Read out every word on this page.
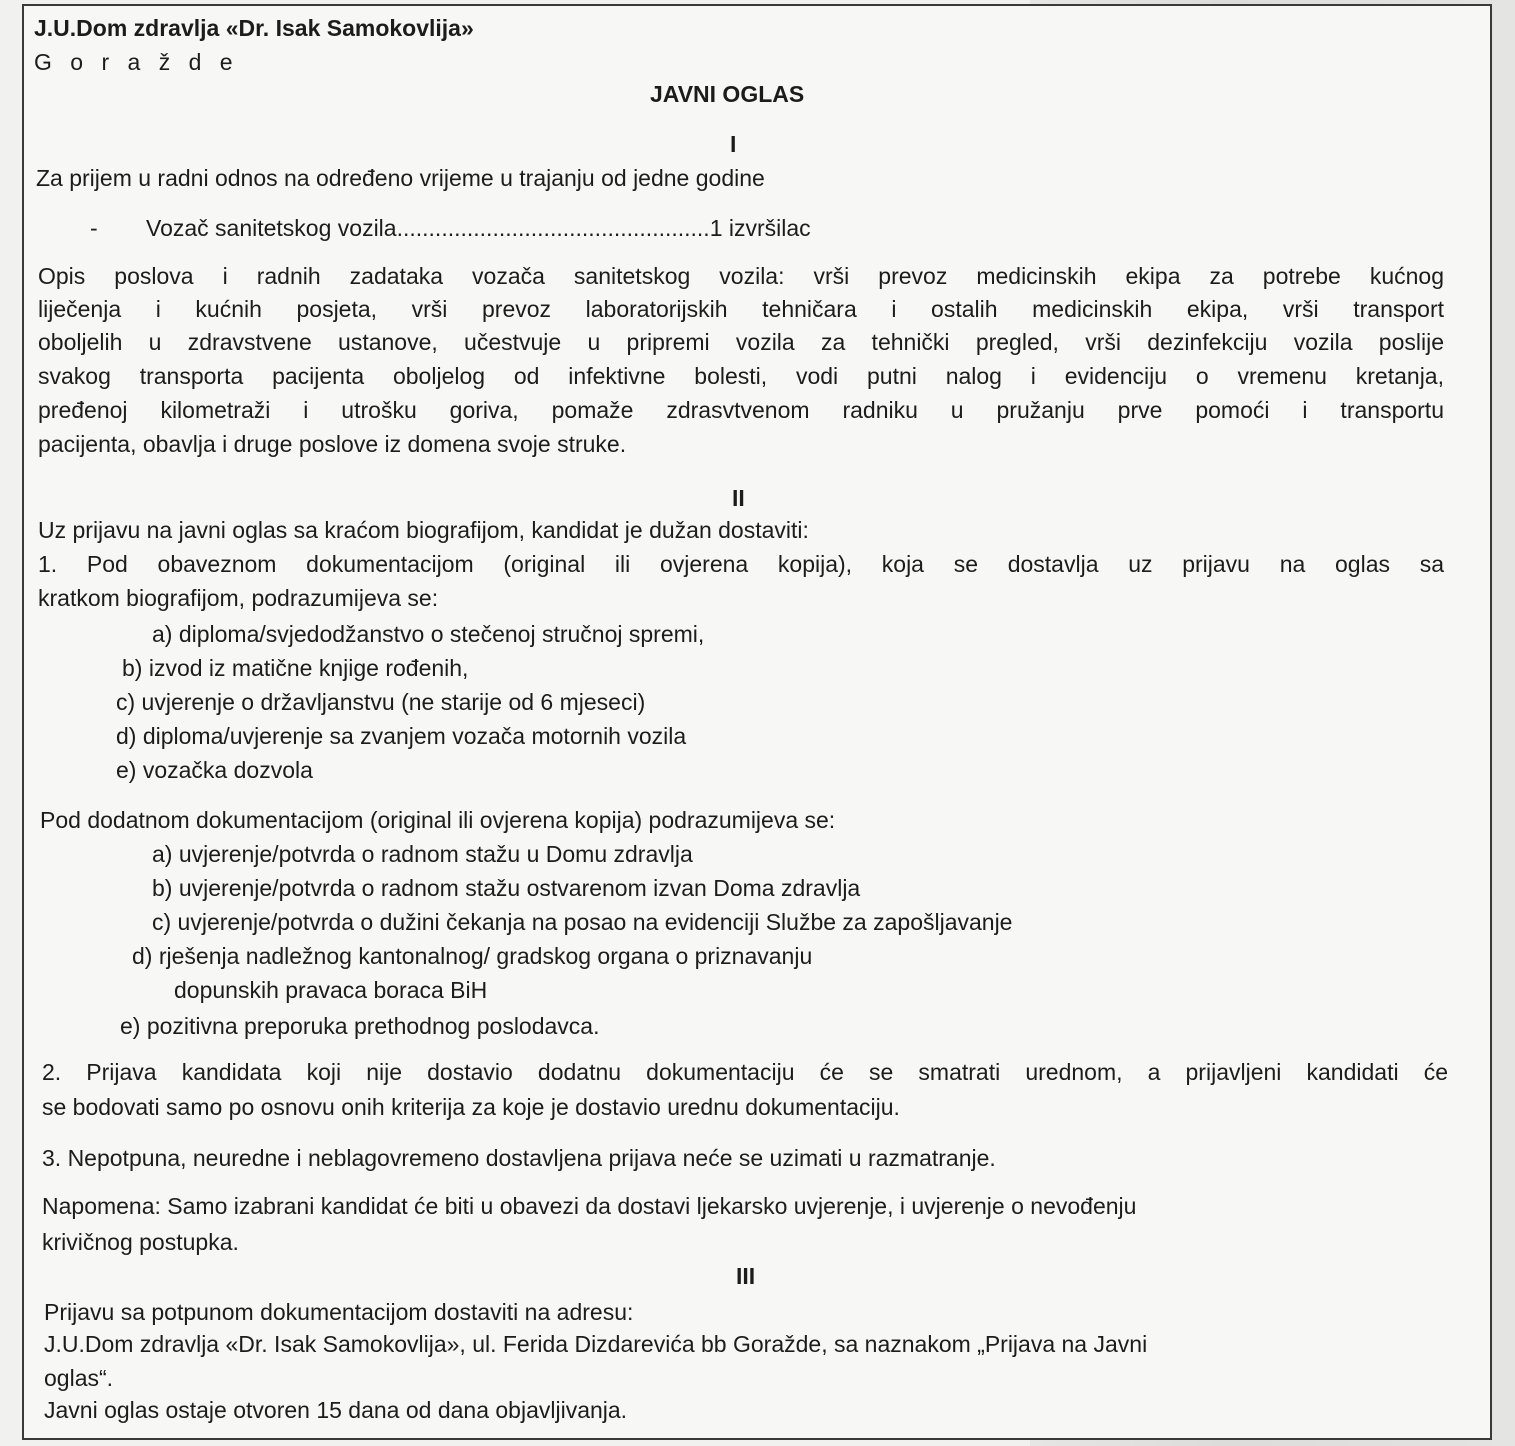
J.U.Dom zdravlja «Dr. Isak Samokovlija»
G o r a ž d e
JAVNI OGLAS
I
Za prijem u radni odnos na određeno vrijeme u trajanju od jedne godine
- Vozač sanitetskog vozila.................................................1 izvršilac
Opis poslova i radnih zadataka vozača sanitetskog vozila: vrši prevoz medicinskih ekipa za potrebe kućnog
liječenja i kućnih posjeta, vrši prevoz laboratorijskih tehničara i ostalih medicinskih ekipa, vrši transport
oboljelih u zdravstvene ustanove, učestvuje u pripremi vozila za tehnički pregled, vrši dezinfekciju vozila poslije
svakog transporta pacijenta oboljelog od infektivne bolesti, vodi putni nalog i evidenciju o vremenu kretanja,
pređenoj kilometraži i utrošku goriva, pomaže zdrasvtvenom radniku u pružanju prve pomoći i transportu
pacijenta, obavlja i druge poslove iz domena svoje struke.
II
Uz prijavu na javni oglas sa kraćom biografijom, kandidat je dužan dostaviti:
1. Pod obaveznom dokumentacijom (original ili ovjerena kopija), koja se dostavlja uz prijavu na oglas sa
kratkom biografijom, podrazumijeva se:
a) diploma/svjedodžanstvo o stečenoj stručnoj spremi,
b) izvod iz matične knjige rođenih,
c) uvjerenje o državljanstvu (ne starije od 6 mjeseci)
d) diploma/uvjerenje sa zvanjem vozača motornih vozila
e) vozačka dozvola
Pod dodatnom dokumentacijom (original ili ovjerena kopija) podrazumijeva se:
a) uvjerenje/potvrda o radnom stažu u Domu zdravlja
b) uvjerenje/potvrda o radnom stažu ostvarenom izvan Doma zdravlja
c) uvjerenje/potvrda o dužini čekanja na posao na evidenciji Službe za zapošljavanje
d) rješenja nadležnog kantonalnog/ gradskog organa o priznavanju
dopunskih pravaca boraca BiH
e) pozitivna preporuka prethodnog poslodavca.
2. Prijava kandidata koji nije dostavio dodatnu dokumentaciju će se smatrati urednom, a prijavljeni kandidati će
se bodovati samo po osnovu onih kriterija za koje je dostavio urednu dokumentaciju.
3. Nepotpuna, neuredne i neblagovremeno dostavljena prijava neće se uzimati u razmatranje.
Napomena: Samo izabrani kandidat će biti u obavezi da dostavi ljekarsko uvjerenje, i uvjerenje o nevođenju
krivičnog postupka.
III
Prijavu sa potpunom dokumentacijom dostaviti na adresu:
J.U.Dom zdravlja «Dr. Isak Samokovlija», ul. Ferida Dizdarevića bb Goražde, sa naznakom „Prijava na Javni
oglas“.
Javni oglas ostaje otvoren 15 dana od dana objavljivanja.
